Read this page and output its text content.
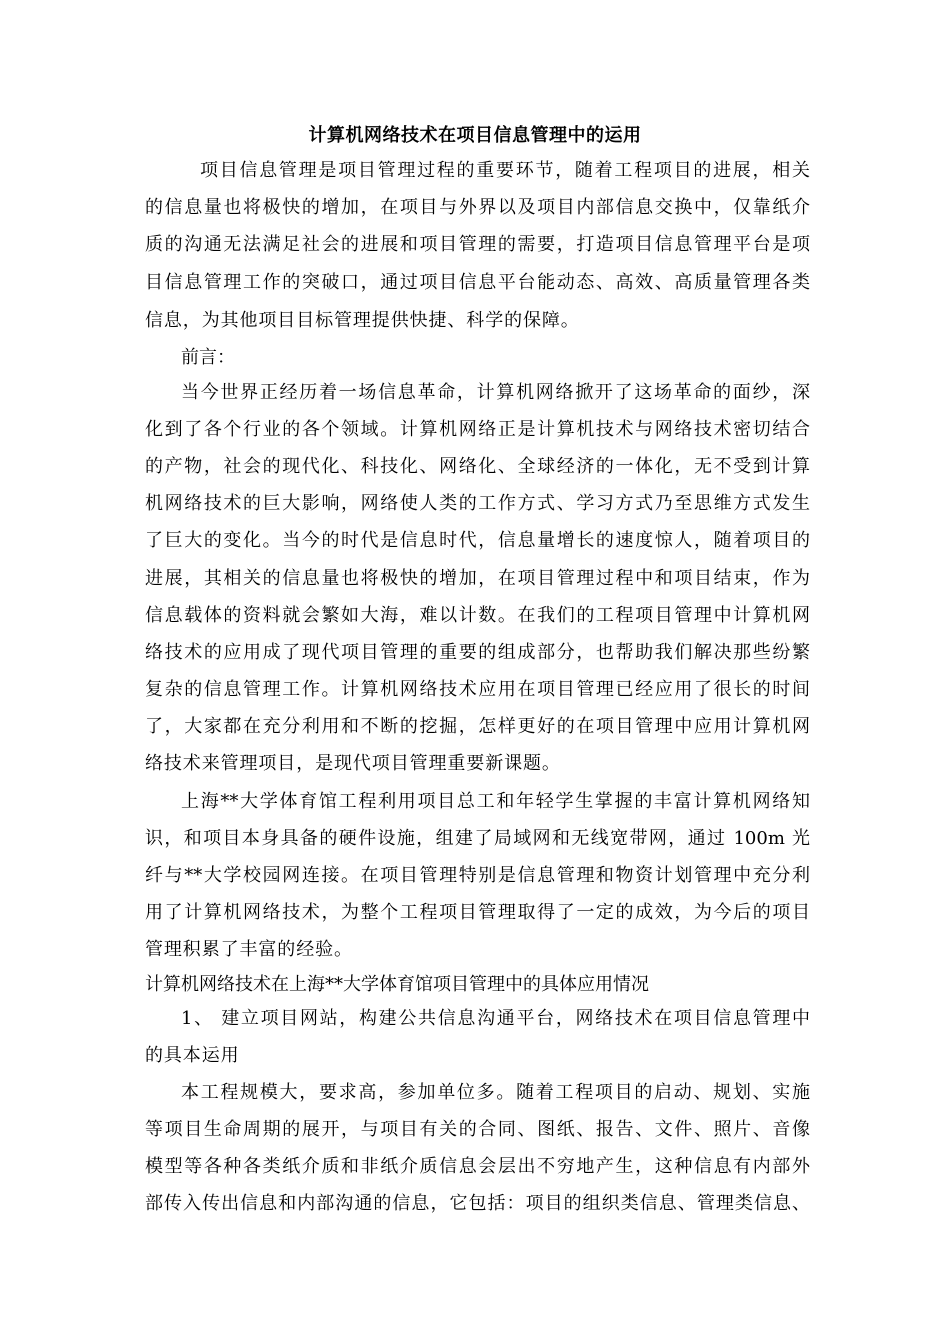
计算机网络技术在项目信息管理中的运用
项目信息管理是项目管理过程的重要环节，随着工程项目的进展，相关
的信息量也将极快的增加，在项目与外界以及项目内部信息交换中，仅靠纸介
质的沟通无法满足社会的进展和项目管理的需要，打造项目信息管理平台是项
目信息管理工作的突破口，通过项目信息平台能动态、高效、高质量管理各类
信息，为其他项目目标管理提供快捷、科学的保障。
前言：
当今世界正经历着一场信息革命，计算机网络掀开了这场革命的面纱，深
化到了各个行业的各个领域。计算机网络正是计算机技术与网络技术密切结合
的产物，社会的现代化、科技化、网络化、全球经济的一体化，无不受到计算
机网络技术的巨大影响，网络使人类的工作方式、学习方式乃至思维方式发生
了巨大的变化。当今的时代是信息时代，信息量增长的速度惊人，随着项目的
进展，其相关的信息量也将极快的增加，在项目管理过程中和项目结束，作为
信息载体的资料就会繁如大海，难以计数。在我们的工程项目管理中计算机网
络技术的应用成了现代项目管理的重要的组成部分，也帮助我们解决那些纷繁
复杂的信息管理工作。计算机网络技术应用在项目管理已经应用了很长的时间
了，大家都在充分利用和不断的挖掘，怎样更好的在项目管理中应用计算机网
络技术来管理项目，是现代项目管理重要新课题。
上海**大学体育馆工程利用项目总工和年轻学生掌握的丰富计算机网络知
识，和项目本身具备的硬件设施，组建了局域网和无线宽带网，通过 100m 光
纤与**大学校园网连接。在项目管理特别是信息管理和物资计划管理中充分利
用了计算机网络技术，为整个工程项目管理取得了一定的成效，为今后的项目
管理积累了丰富的经验。
计算机网络技术在上海**大学体育馆项目管理中的具体应用情况
1、 建立项目网站，构建公共信息沟通平台，网络技术在项目信息管理中
的具本运用
本工程规模大，要求高，参加单位多。随着工程项目的启动、规划、实施
等项目生命周期的展开，与项目有关的合同、图纸、报告、文件、照片、音像
模型等各种各类纸介质和非纸介质信息会层出不穷地产生，这种信息有内部外
部传入传出信息和内部沟通的信息，它包括：项目的组织类信息、管理类信息、
